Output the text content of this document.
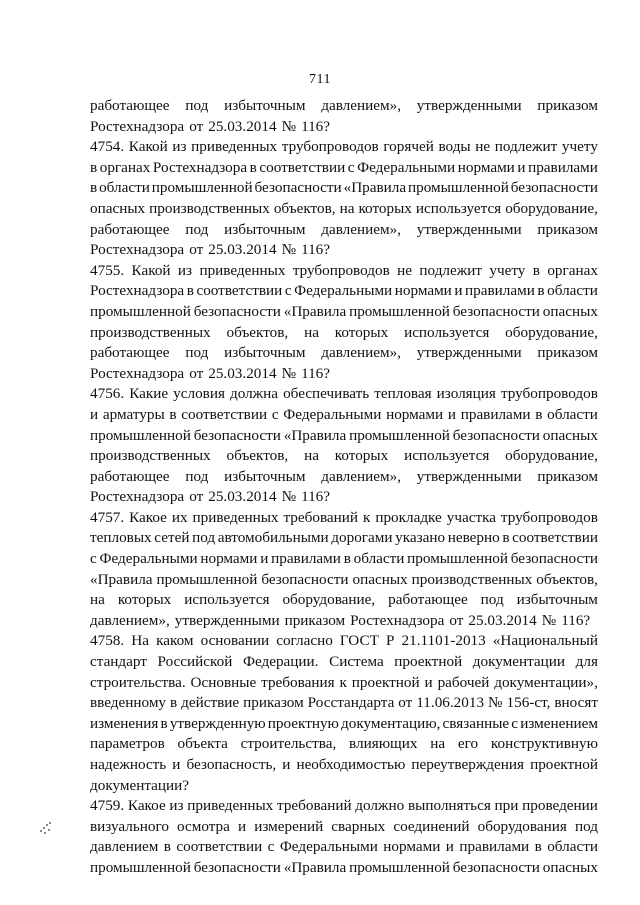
711
работающее под избыточным давлением», утвержденными приказом
Ростехнадзора от 25.03.2014 № 116?
4754. Какой из приведенных трубопроводов горячей воды не подлежит учету
в органах Ростехнадзора в соответствии с Федеральными нормами и правилами
в области промышленной безопасности «Правила промышленной безопасности
опасных производственных объектов, на которых используется оборудование,
работающее под избыточным давлением», утвержденными приказом
Ростехнадзора от 25.03.2014 № 116?
4755. Какой из приведенных трубопроводов не подлежит учету в органах
Ростехнадзора в соответствии с Федеральными нормами и правилами в области
промышленной безопасности «Правила промышленной безопасности опасных
производственных объектов, на которых используется оборудование,
работающее под избыточным давлением», утвержденными приказом
Ростехнадзора от 25.03.2014 № 116?
4756. Какие условия должна обеспечивать тепловая изоляция трубопроводов
и арматуры в соответствии с Федеральными нормами и правилами в области
промышленной безопасности «Правила промышленной безопасности опасных
производственных объектов, на которых используется оборудование,
работающее под избыточным давлением», утвержденными приказом
Ростехнадзора от 25.03.2014 № 116?
4757. Какое их приведенных требований к прокладке участка трубопроводов
тепловых сетей под автомобильными дорогами указано неверно в соответствии
с Федеральными нормами и правилами в области промышленной безопасности
«Правила промышленной безопасности опасных производственных объектов,
на которых используется оборудование, работающее под избыточным
давлением», утвержденными приказом Ростехнадзора от 25.03.2014 № 116?
4758. На каком основании согласно ГОСТ Р 21.1101-2013 «Национальный
стандарт Российской Федерации. Система проектной документации для
строительства. Основные требования к проектной и рабочей документации»,
введенному в действие приказом Росстандарта от 11.06.2013 № 156-ст, вносят
изменения в утвержденную проектную документацию, связанные с изменением
параметров объекта строительства, влияющих на его конструктивную
надежность и безопасность, и необходимостью переутверждения проектной
документации?
4759. Какое из приведенных требований должно выполняться при проведении
визуального осмотра и измерений сварных соединений оборудования под
давлением в соответствии с Федеральными нормами и правилами в области
промышленной безопасности «Правила промышленной безопасности опасных
